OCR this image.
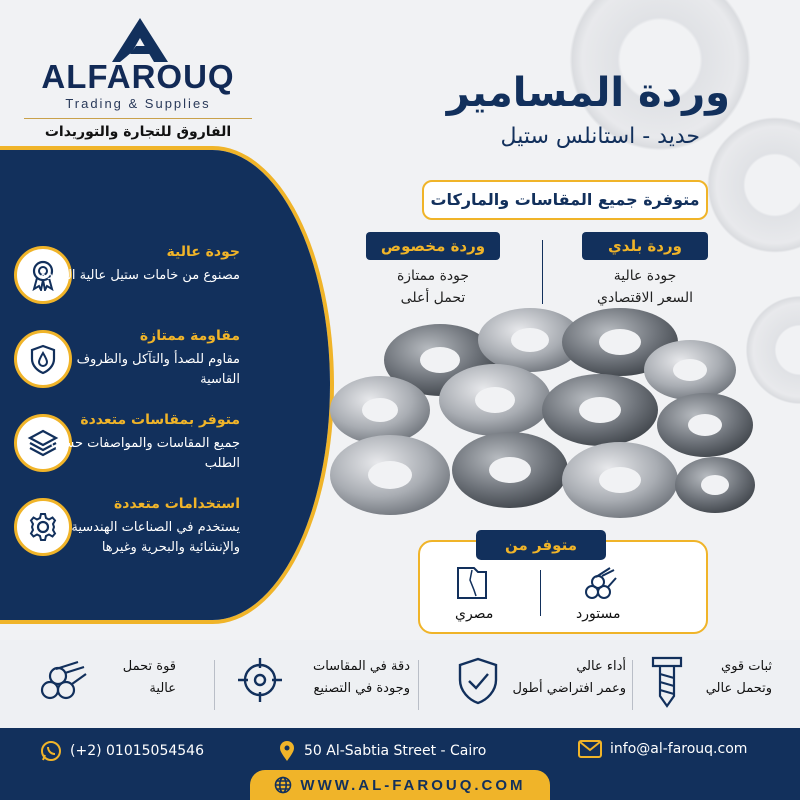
ALFAROUQ
Trading & Supplies
الفاروق للتجارة والتوريدات
جودة عالية
مصنوع من خامات ستيل عالية الجودة
مقاومة ممتازة
مقاوم للصدأ والتآكل والظروف القاسية
متوفر بمقاسات متعددة
جميع المقاسات والمواصفات حسب الطلب
استخدامات متعددة
يستخدم في الصناعات الهندسية والإنشائية والبحرية وغيرها
وردة المسامير
حديد - استانلس ستيل
متوفرة جميع المقاسات والماركات
وردة بلدي
جودة عالية
السعر الاقتصادي
وردة مخصوص
جودة ممتازة
تحمل أعلى
متوفر من
مستورد
مصري
ثبات قوي
وتحمل عالي
أداء عالي
وعمر افتراضي أطول
دقة في المقاسات
وجودة في التصنيع
قوة تحمل
عالية
(+2) 01015054546	50 Al-Sabtia Street - Cairo	info@al-farouq.com
WWW.AL-FAROUQ.COM
